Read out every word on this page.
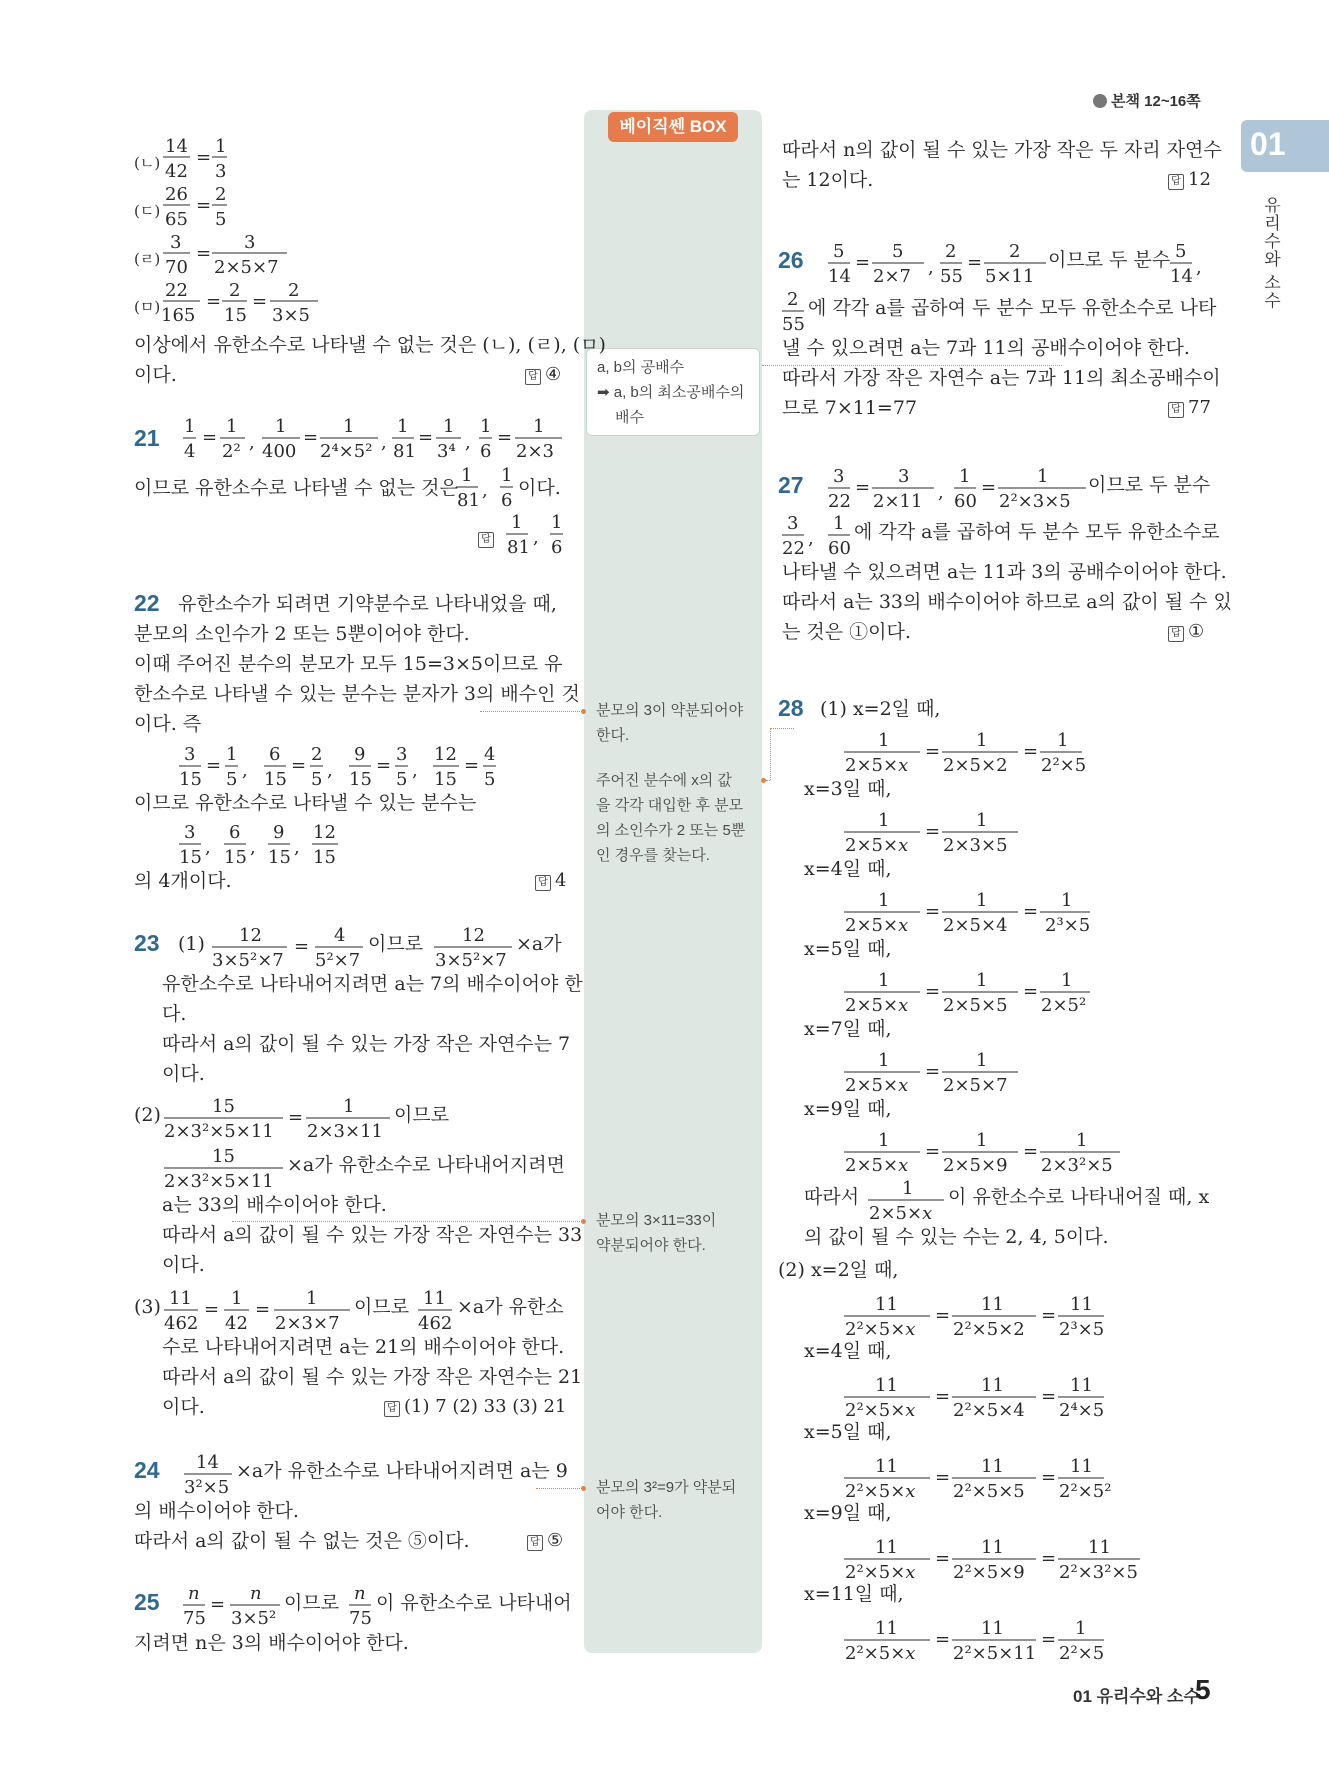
본책 12~16쪽
01
유리수와 소수
베이직쎈 BOX
a, b의 공배수
➡ a, b의 최소공배수의
배수
분모의 3이 약분되어야
한다.
주어진 분수에 x의 값
을 각각 대입한 후 분모
의 소인수가 2 또는 5뿐
인 경우를 찾는다.
분모의 3×11=33이
약분되어야 한다.
분모의 3²=9가 약분되
어야 한다.
14
42
=
1
3
26
65
=
2
5
3
70
=
3
2×5×7
22
165
=
2
15
=
2
3×5
1
4
=
1
2² ,
1
400
=
1
2⁴×5² ,
1
81
=
1
3⁴ ,
1
6
=
1
2×3
1
81 ,
1
6
1
81 ,
1
6
3
15
=
1
5 ,
6
15
=
2
5 ,
9
15
=
3
5 ,
12
15
=
4
5
3
15 ,
6
15 ,
9
15 ,
12
15
12
3×5²×7
=
4
5²×7
12
3×5²×7
15
2×3²×5×11
=
1
2×3×11
15
2×3²×5×11
11
462
=
1
42
=
1
2×3×7
11
462
14
3²×5
n
75
=
n
3×5²
n
75
(ㄴ)
(ㄷ)
(ㄹ)
(ㅁ)
이상에서 유한소수로 나타낼 수 없는 것은 (ㄴ), (ㄹ), (ㅁ)
이다.	답 ④
21
이므로 유한소수로 나타낼 수 없는 것은	이다.
답
22 유한소수가 되려면 기약분수로 나타내었을 때,
분모의 소인수가 2 또는 5뿐이어야 한다.
이때 주어진 분수의 분모가 모두 15=3×5이므로 유
한소수로 나타낼 수 있는 분수는 분자가 3의 배수인 것
이다. 즉
이므로 유한소수로 나타낼 수 있는 분수는
의 4개이다.	답 4
23 (1)	이므로	×a가
유한소수로 나타내어지려면 a는 7의 배수이어야 한
다.
따라서 a의 값이 될 수 있는 가장 작은 자연수는 7
이다.
(2)	이므로
×a가 유한소수로 나타내어지려면
a는 33의 배수이어야 한다.
따라서 a의 값이 될 수 있는 가장 작은 자연수는 33
이다.
(3)	이므로	×a가 유한소
수로 나타내어지려면 a는 21의 배수이어야 한다.
따라서 a의 값이 될 수 있는 가장 작은 자연수는 21
이다.	답 (1) 7 (2) 33 (3) 21
24	×a가 유한소수로 나타내어지려면 a는 9
의 배수이어야 한다.
따라서 a의 값이 될 수 없는 것은 ⑤이다.	답 ⑤
25	이므로 이 유한소수로 나타내어
지려면 n은 3의 배수이어야 한다.
5
14
=
5
2×7 ,
2
55
=
2
5×11
5
14 ,
2
55
3
22
=
3
2×11 ,
1
60
=
1
2²×3×5
3
22 ,
1
60
1
2×5×x
=
1
2×5×2
=
1
2²×5
1
2×5×x
=
1
2×3×5
1
2×5×x
=
1
2×5×4
=
1
2³×5
1
2×5×x
=
1
2×5×5
=
1
2×5²
1
2×5×x
=
1
2×5×7
1
2×5×x
=
1
2×5×9
=
1
2×3²×5
1
2×5×x
11
2²×5×x
=
11
2²×5×2
=
11
2³×5
11
2²×5×x
=
11
2²×5×4
=
11
2⁴×5
11
2²×5×x
=
11
2²×5×5
=
11
2²×5²
11
2²×5×x
=
11
2²×5×9
=
11
2²×3²×5
11
2²×5×x
=
11
2²×5×11
=
1
2²×5
따라서 n의 값이 될 수 있는 가장 작은 두 자리 자연수
는 12이다.	답 12
26	이므로 두 분수
에 각각 a를 곱하여 두 분수 모두 유한소수로 나타
낼 수 있으려면 a는 7과 11의 공배수이어야 한다.
따라서 가장 작은 자연수 a는 7과 11의 최소공배수이
므로 7×11=77	답 77
27	이므로 두 분수
에 각각 a를 곱하여 두 분수 모두 유한소수로
나타낼 수 있으려면 a는 11과 3의 공배수이어야 한다.
따라서 a는 33의 배수이어야 하므로 a의 값이 될 수 있
는 것은 ①이다.	답 ①
28 (1) x=2일 때,
x=3일 때,
x=4일 때,
x=5일 때,
x=7일 때,
x=9일 때,
따라서	이 유한소수로 나타내어질 때, x
의 값이 될 수 있는 수는 2, 4, 5이다.
(2) x=2일 때,
x=4일 때,
x=5일 때,
x=9일 때,
x=11일 때,
01 유리수와 소수
5
